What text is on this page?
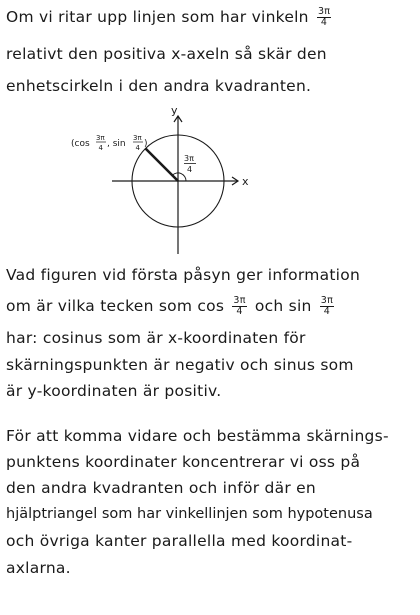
Om vi ritar upp linjen som har vinkeln $\frac{3\pi}{4}$
relativt den positiva x-axeln så skär den
enhetscirkeln i den andra kvadranten.
x
y
3π
4
(cos
3π
4 , sin
3π
4 )
Vad figuren vid första påsyn ger information
om är vilka tecken som $\cos \frac{3\pi}{4}$ och $\sin \frac{3\pi}{4}$
har: cosinus som är x-koordinaten för
skärningspunkten är negativ och sinus som
är y-koordinaten är positiv.
För att komma vidare och bestämma skärnings-
punktens koordinater koncentrerar vi oss på
den andra kvadranten och inför där en
hjälptriangel som har vinkellinjen som hypotenusa
och övriga kanter parallella med koordinat-
axlarna.
